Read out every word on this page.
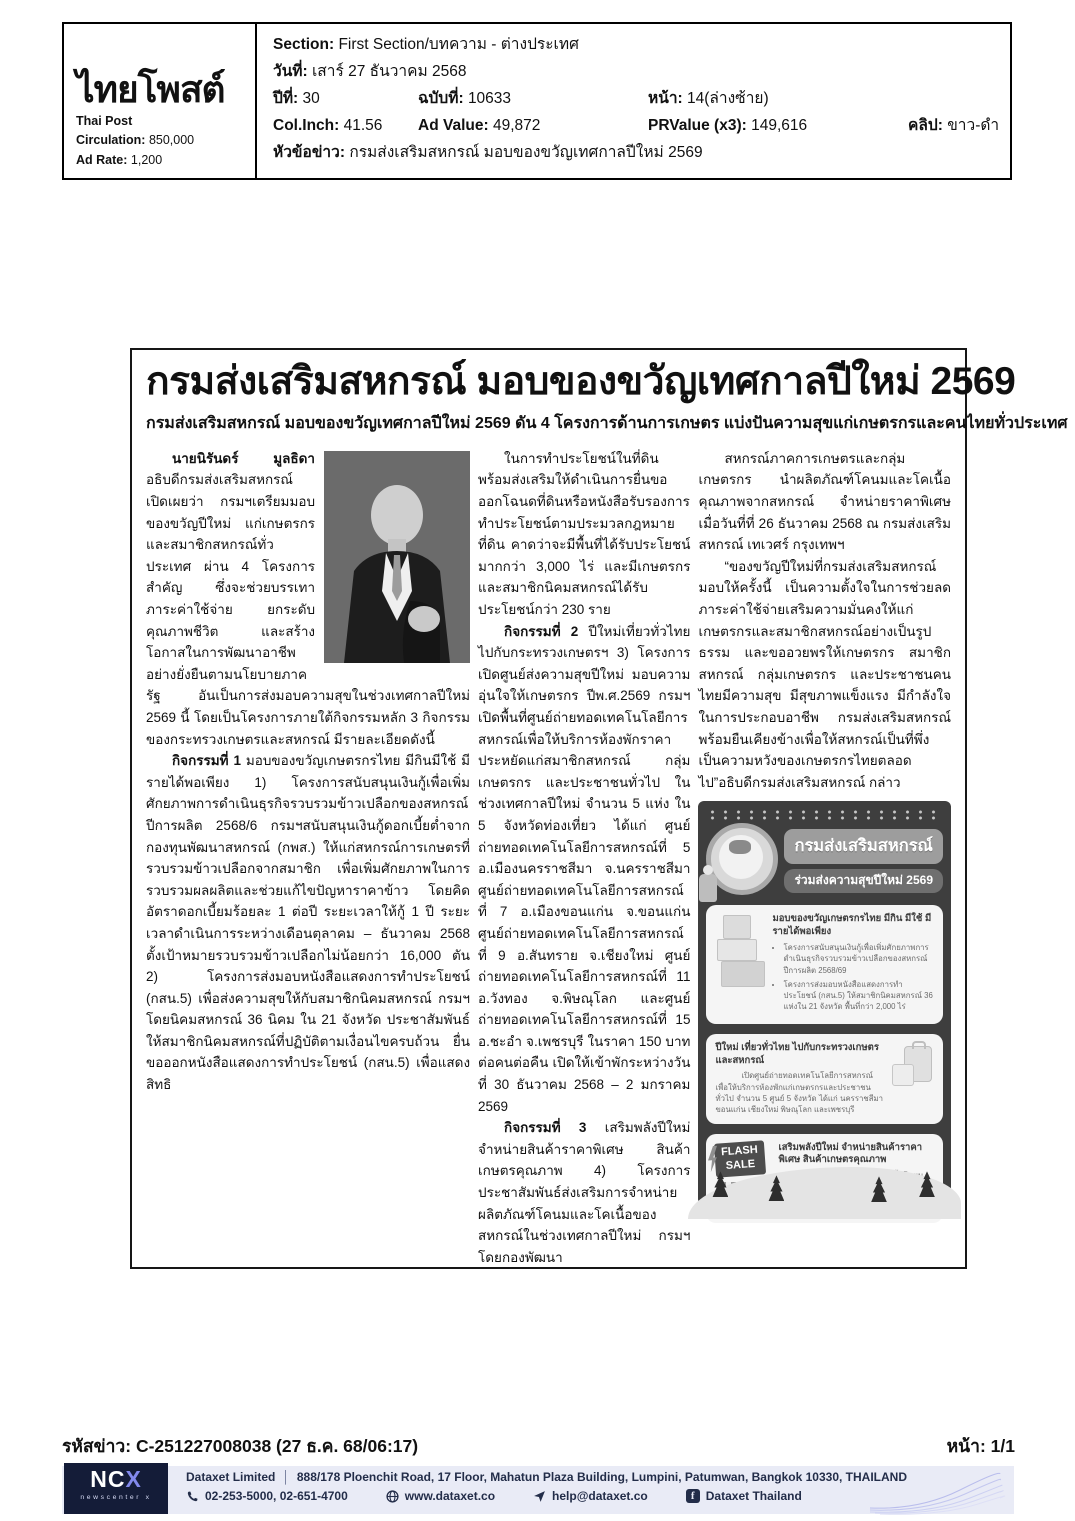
ไทยโพสต์
Thai Post
Circulation: 850,000
Ad Rate: 1,200
Section: First Section/บทความ - ต่างประเทศ
วันที่: เสาร์ 27 ธันวาคม 2568
ปีที่: 30	ฉบับที่: 10633	หน้า: 14(ล่างซ้าย)
Col.Inch: 41.56 Ad Value: 49,872	PRValue (x3): 149,616	คลิป: ขาว-ดำ
หัวข้อข่าว: กรมส่งเสริมสหกรณ์ มอบของขวัญเทศกาลปีใหม่ 2569
กรมส่งเสริมสหกรณ์ มอบของขวัญเทศกาลปีใหม่ 2569
กรมส่งเสริมสหกรณ์ มอบของขวัญเทศกาลปีใหม่ 2569 ดัน 4 โครงการด้านการเกษตร แบ่งปันความสุขแก่เกษตรกรและคนไทยทั่วประเทศ

นายนิรันดร์ มูลธิดา อธิบดีกรมส่งเสริมสหกรณ์ เปิดเผยว่า กรมฯเตรียมมอบของขวัญปีใหม่ แก่เกษตรกรและสมาชิกสหกรณ์ทั่วประเทศ ผ่าน 4 โครงการสำคัญ ซึ่งจะช่วยบรรเทาภาระค่าใช้จ่าย ยกระดับคุณภาพชีวิต และสร้างโอกาสในการพัฒนาอาชีพอย่างยั่งยืนตามนโยบายภาครัฐ อันเป็นการส่งมอบความสุขในช่วงเทศกาลปีใหม่ 2569 นี้ โดยเป็นโครงการภายใต้กิจกรรมหลัก 3 กิจกรรมของกระทรวงเกษตรและสหกรณ์ มีรายละเอียดดังนี้

กิจกรรมที่ 1 มอบของขวัญเกษตรกรไทย มีกินมีใช้ มีรายได้พอเพียง 1) โครงการสนับสนุนเงินกู้เพื่อเพิ่มศักยภาพการดำเนินธุรกิจรวบรวมข้าวเปลือกของสหกรณ์ ปีการผลิต 2568/6 กรมฯสนับสนุนเงินกู้ดอกเบี้ยต่ำจากกองทุนพัฒนาสหกรณ์ (กพส.) ให้แก่สหกรณ์การเกษตรที่รวบรวมข้าวเปลือกจากสมาชิก เพื่อเพิ่มศักยภาพในการรวบรวมผลผลิตและช่วยแก้ไขปัญหาราคาข้าว โดยคิดอัตราดอกเบี้ยมร้อยละ 1 ต่อปี ระยะเวลาให้กู้ 1 ปี ระยะเวลาดำเนินการระหว่างเดือนตุลาคม – ธันวาคม 2568 ตั้งเป้าหมายรวบรวมข้าวเปลือกไม่น้อยกว่า 16,000 ตัน 2) โครงการส่งมอบหนังสือแสดงการทำประโยชน์ (กสน.5) เพื่อส่งความสุขให้กับสมาชิกนิคมสหกรณ์ กรมฯโดยนิคมสหกรณ์ 36 นิคม ใน 21 จังหวัด ประชาสัมพันธ์ให้สมาชิกนิคมสหกรณ์ที่ปฏิบัติตามเงื่อนไขครบถ้วน ยื่นขอออกหนังสือแสดงการทำประโยชน์ (กสน.5) เพื่อแสดงสิทธิ

ในการทำประโยชน์ในที่ดิน พร้อมส่งเสริมให้ดำเนินการยื่นขอออกโฉนดที่ดินหรือหนังสือรับรองการทำประโยชน์ตามประมวลกฎหมายที่ดิน คาดว่าจะมีพื้นที่ได้รับประโยชน์มากกว่า 3,000 ไร่ และมีเกษตรกรและสมาชิกนิคมสหกรณ์ได้รับประโยชน์กว่า 230 ราย

กิจกรรมที่ 2 ปีใหม่เที่ยวทั่วไทย ไปกับกระทรวงเกษตรฯ 3) โครงการเปิดศูนย์ส่งความสุขปีใหม่ มอบความอุ่นใจให้เกษตรกร ปีพ.ศ.2569 กรมฯเปิดพื้นที่ศูนย์ถ่ายทอดเทคโนโลยีการสหกรณ์เพื่อให้บริการห้องพักราคาประหยัดแก่สมาชิกสหกรณ์ กลุ่มเกษตรกร และประชาชนทั่วไป ในช่วงเทศกาลปีใหม่ จำนวน 5 แห่ง ใน 5 จังหวัดท่องเที่ยว ได้แก่ ศูนย์ถ่ายทอดเทคโนโลยีการสหกรณ์ที่ 5 อ.เมืองนครราชสีมา จ.นครราชสีมา ศูนย์ถ่ายทอดเทคโนโลยีการสหกรณ์ที่ 7 อ.เมืองขอนแก่น จ.ขอนแก่น ศูนย์ถ่ายทอดเทคโนโลยีการสหกรณ์ที่ 9 อ.สันทราย จ.เชียงใหม่ ศูนย์ถ่ายทอดเทคโนโลยีการสหกรณ์ที่ 11 อ.วังทอง จ.พิษณุโลก และศูนย์ถ่ายทอดเทคโนโลยีการสหกรณ์ที่ 15 อ.ชะอำ จ.เพชรบุรี ในราคา 150 บาทต่อคนต่อคืน เปิดให้เข้าพักระหว่างวันที่ 30 ธันวาคม 2568 – 2 มกราคม 2569

กิจกรรมที่ 3 เสริมพลังปีใหม่ จำหน่ายสินค้าราคาพิเศษ สินค้าเกษตรคุณภาพ 4) โครงการประชาสัมพันธ์ส่งเสริมการจำหน่ายผลิตภัณฑ์โคนมและโคเนื้อของสหกรณ์ในช่วงเทศกาลปีใหม่ กรมฯโดยกองพัฒนา

สหกรณ์ภาคการเกษตรและกลุ่มเกษตรกร นำผลิตภัณฑ์โคนมและโคเนื้อคุณภาพจากสหกรณ์ จำหน่ายราคาพิเศษ เมื่อวันที่ที่ 26 ธันวาคม 2568 ณ กรมส่งเสริมสหกรณ์ เทเวศร์ กรุงเทพฯ

“ของขวัญปีใหม่ที่กรมส่งเสริมสหกรณ์มอบให้ครั้งนี้ เป็นความตั้งใจในการช่วยลดภาระค่าใช้จ่ายเสริมความมั่นคงให้แก่เกษตรกรและสมาชิกสหกรณ์อย่างเป็นรูปธรรม และขออวยพรให้เกษตรกร สมาชิกสหกรณ์ กลุ่มเกษตรกร และประชาชนคนไทยมีความสุข มีสุขภาพแข็งแรง มีกำลังใจในการประกอบอาชีพ กรมส่งเสริมสหกรณ์พร้อมยืนเคียงข้างเพื่อให้สหกรณ์เป็นที่พึ่งเป็นความหวังของเกษตรกรไทยตลอดไป”อธิบดีกรมส่งเสริมสหกรณ์ กล่าว

กรมส่งเสริมสหกรณ์
ร่วมส่งความสุขปีใหม่ 2569
มอบของขวัญเกษตรกรไทย มีกิน มีใช้ มีรายได้พอเพียง
• โครงการสนับสนุนเงินกู้เพื่อเพิ่มศักยภาพการดำเนินธุรกิจรวบรวมข้าวเปลือกของสหกรณ์ ปีการผลิต 2568/69
• โครงการส่งมอบหนังสือแสดงการทำประโยชน์ (กสน.5) ให้สมาชิกนิคมสหกรณ์ 36 แห่งใน 21 จังหวัด พื้นที่กว่า 2,000 ไร่
ปีใหม่ เที่ยวทั่วไทย ไปกับกระทรวงเกษตรและสหกรณ์

เปิดศูนย์ถ่ายทอดเทคโนโลยีการสหกรณ์ เพื่อให้บริการห้องพักแก่เกษตรกรและประชาชนทั่วไป จำนวน 5 ศูนย์ 5 จังหวัด ได้แก่ นครราชสีมา ขอนแก่น เชียงใหม่ พิษณุโลก และเพชรบุรี

FLASH
SALE
เสริมพลังปีใหม่ จำหน่ายสินค้าราคาพิเศษ สินค้าเกษตรคุณภาพ

รหัสข่าว: C-251227008038 (27 ธ.ค. 68/06:17)	หน้า: 1/1
NCX
newscenter x
Dataxet Limited │ 888/178 Ploenchit Road, 17 Floor, Mahatun Plaza Building, Lumpini, Patumwan, Bangkok 10330, THAILAND
02-253-5000, 02-651-4700	www.dataxet.co	help@dataxet.co	f Dataxet Thailand
